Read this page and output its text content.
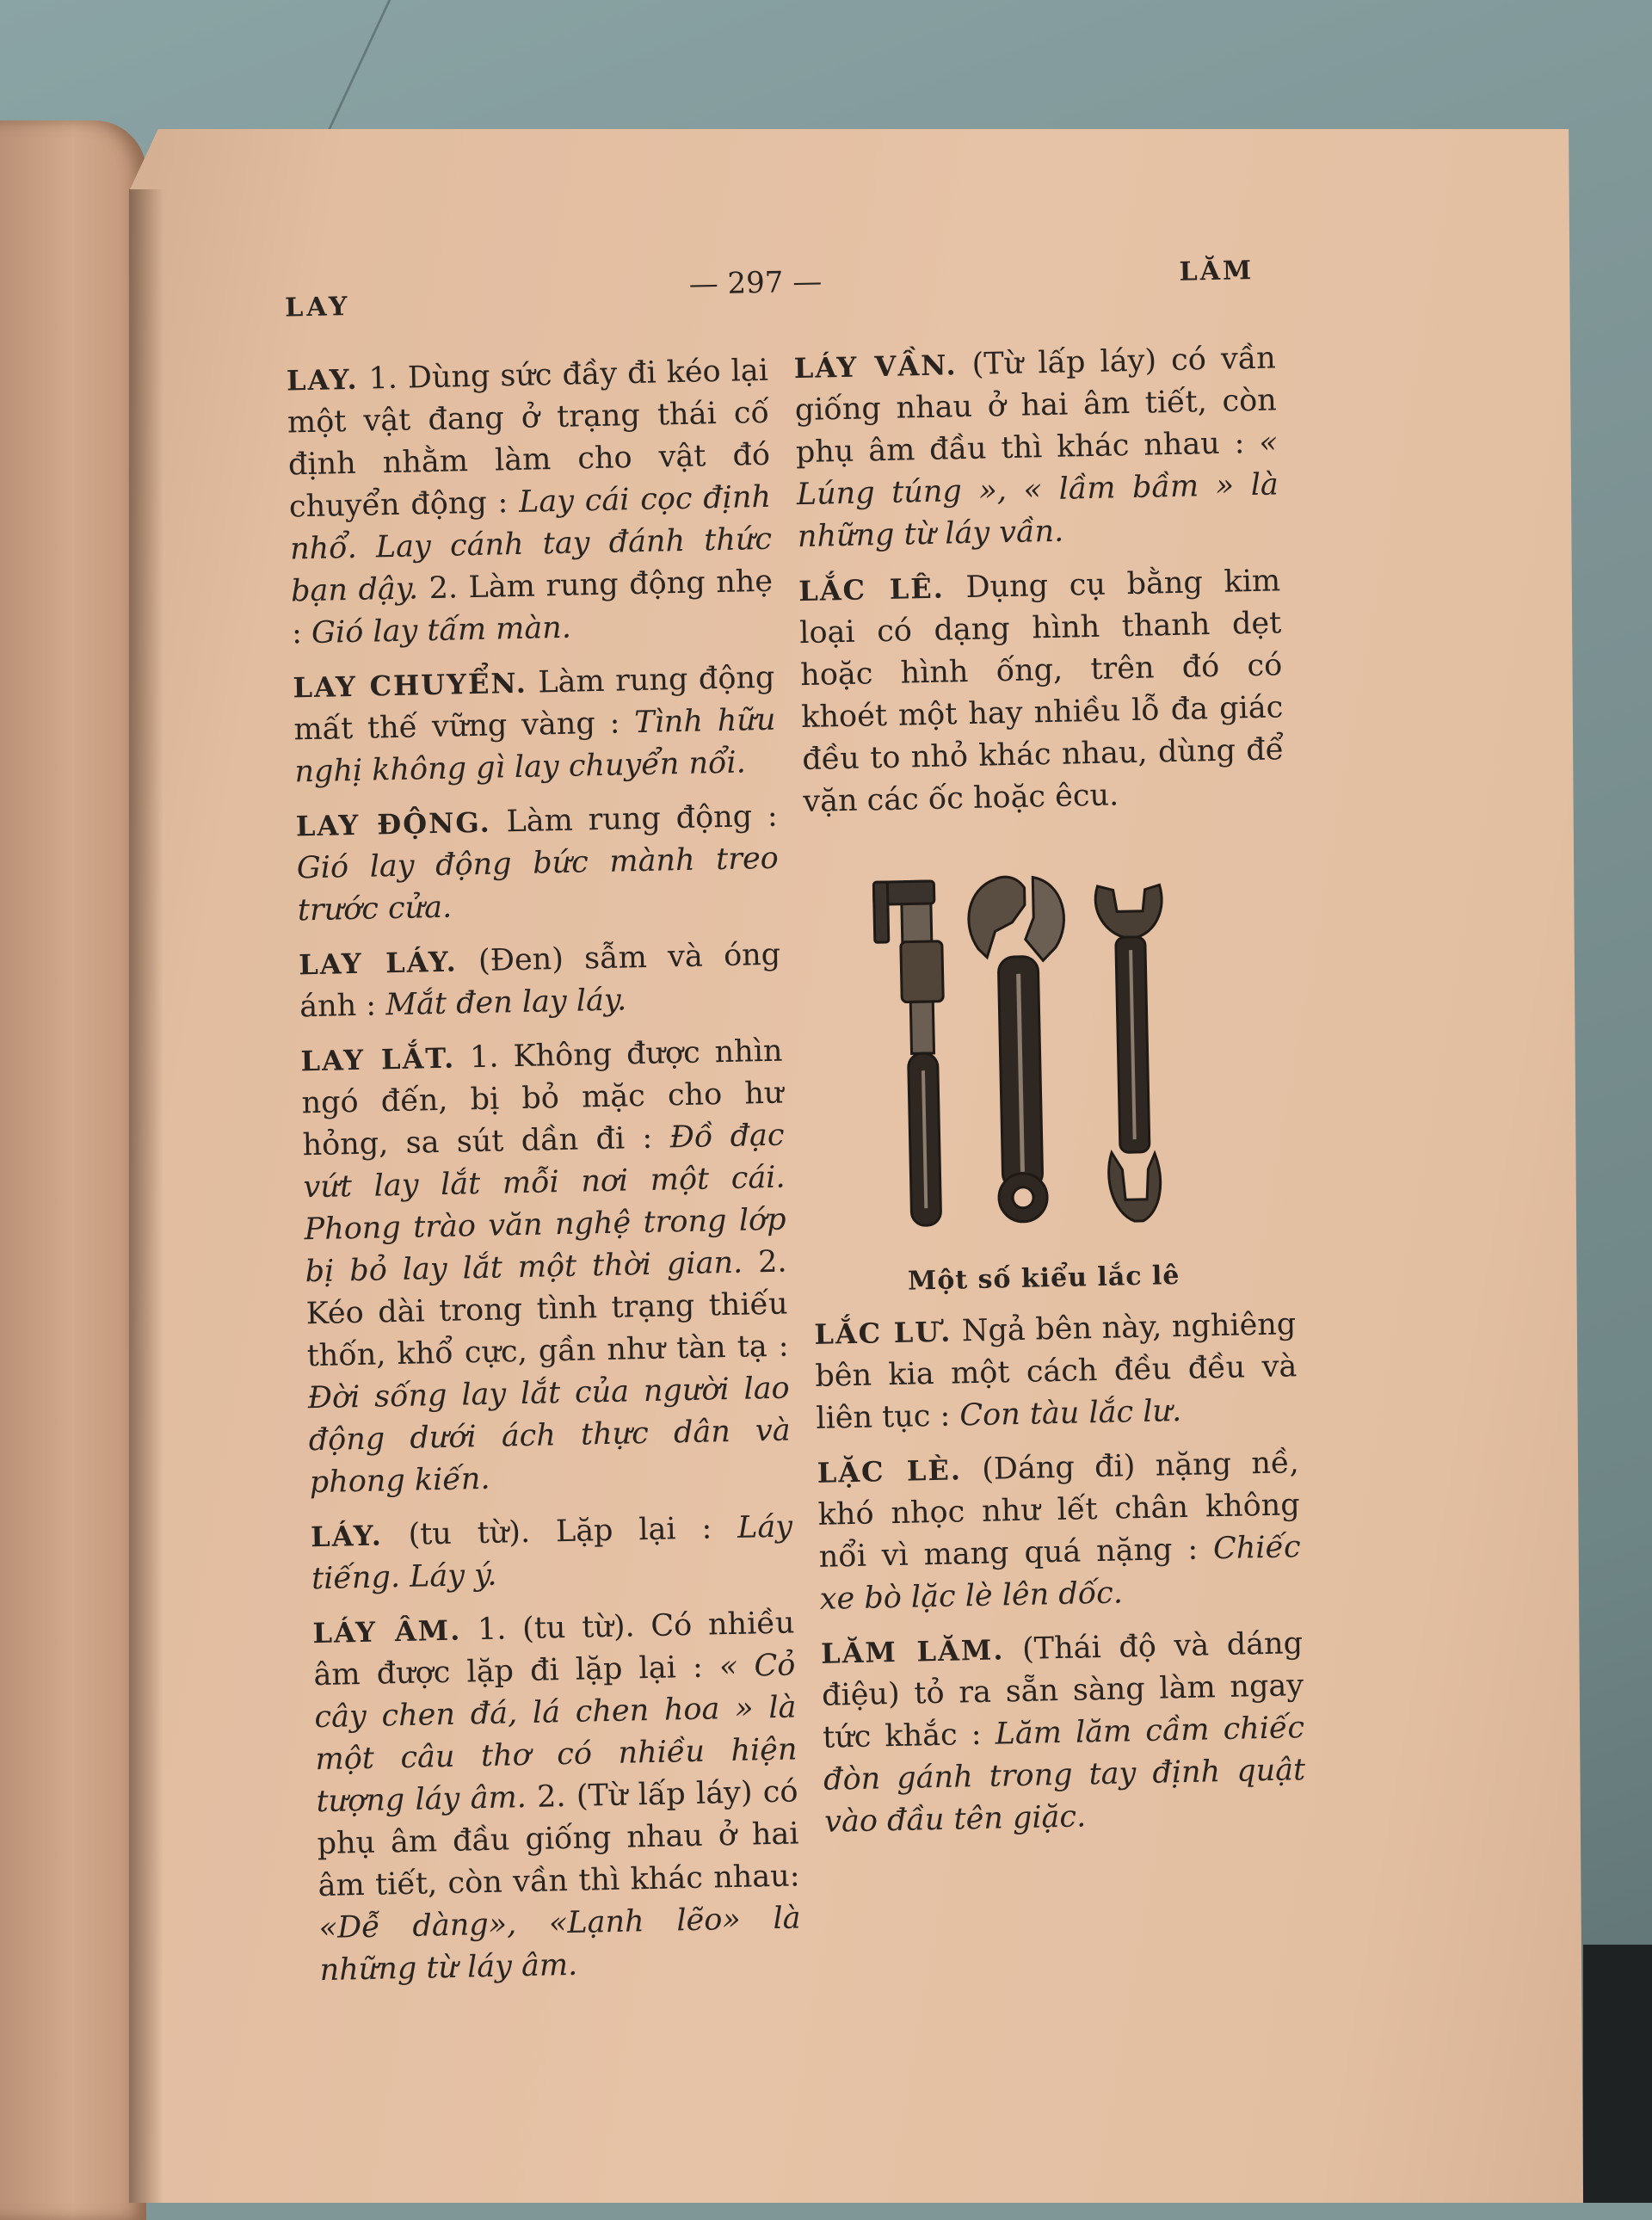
LAY
— 297 —	LĂM

LAY. 1. Dùng sức đầy đi kéo lại một vật đang ở trạng thái cố định nhằm làm cho vật đó chuyển động : Lay cái cọc định nhổ. Lay cánh tay đánh thức bạn dậy. 2. Làm rung động nhẹ : Gió lay tấm màn.

LAY CHUYỂN. Làm rung động mất thế vững vàng : Tình hữu nghị không gì lay chuyển nổi.

LAY ĐỘNG. Làm rung động : Gió lay động bức mành treo trước cửa.

LAY LÁY. (Đen) sẫm và óng ánh : Mắt đen lay láy.

LAY LẮT. 1. Không được nhìn ngó đến, bị bỏ mặc cho hư hỏng, sa sút dần đi : Đồ đạc vứt lay lắt mỗi nơi một cái. Phong trào văn nghệ trong lớp bị bỏ lay lắt một thời gian. 2. Kéo dài trong tình trạng thiếu thốn, khổ cực, gần như tàn tạ : Đời sống lay lắt của người lao động dưới ách thực dân và phong kiến.

LÁY. (tu từ). Lặp lại : Láy tiếng. Láy ý.

LÁY ÂM. 1. (tu từ). Có nhiều âm được lặp đi lặp lại : « Cỏ cây chen đá, lá chen hoa » là một câu thơ có nhiều hiện tượng láy âm. 2. (Từ lấp láy) có phụ âm đầu giống nhau ở hai âm tiết, còn vần thì khác nhau: «Dễ dàng», «Lạnh lẽo» là những từ láy âm.

LÁY VẦN. (Từ lấp láy) có vần giống nhau ở hai âm tiết, còn phụ âm đầu thì khác nhau : « Lúng túng », « lầm bầm » là những từ láy vần.

LẮC LÊ. Dụng cụ bằng kim loại có dạng hình thanh dẹt hoặc hình ống, trên đó có khoét một hay nhiều lỗ đa giác đều to nhỏ khác nhau, dùng để vặn các ốc hoặc êcu.

Một số kiểu lắc lê

LẮC LƯ. Ngả bên này, nghiêng bên kia một cách đều đều và liên tục : Con tàu lắc lư.

LẶC LÈ. (Dáng đi) nặng nề, khó nhọc như lết chân không nổi vì mang quá nặng : Chiếc xe bò lặc lè lên dốc.

LĂM LĂM. (Thái độ và dáng điệu) tỏ ra sẵn sàng làm ngay tức khắc : Lăm lăm cầm chiếc đòn gánh trong tay định quật vào đầu tên giặc.
